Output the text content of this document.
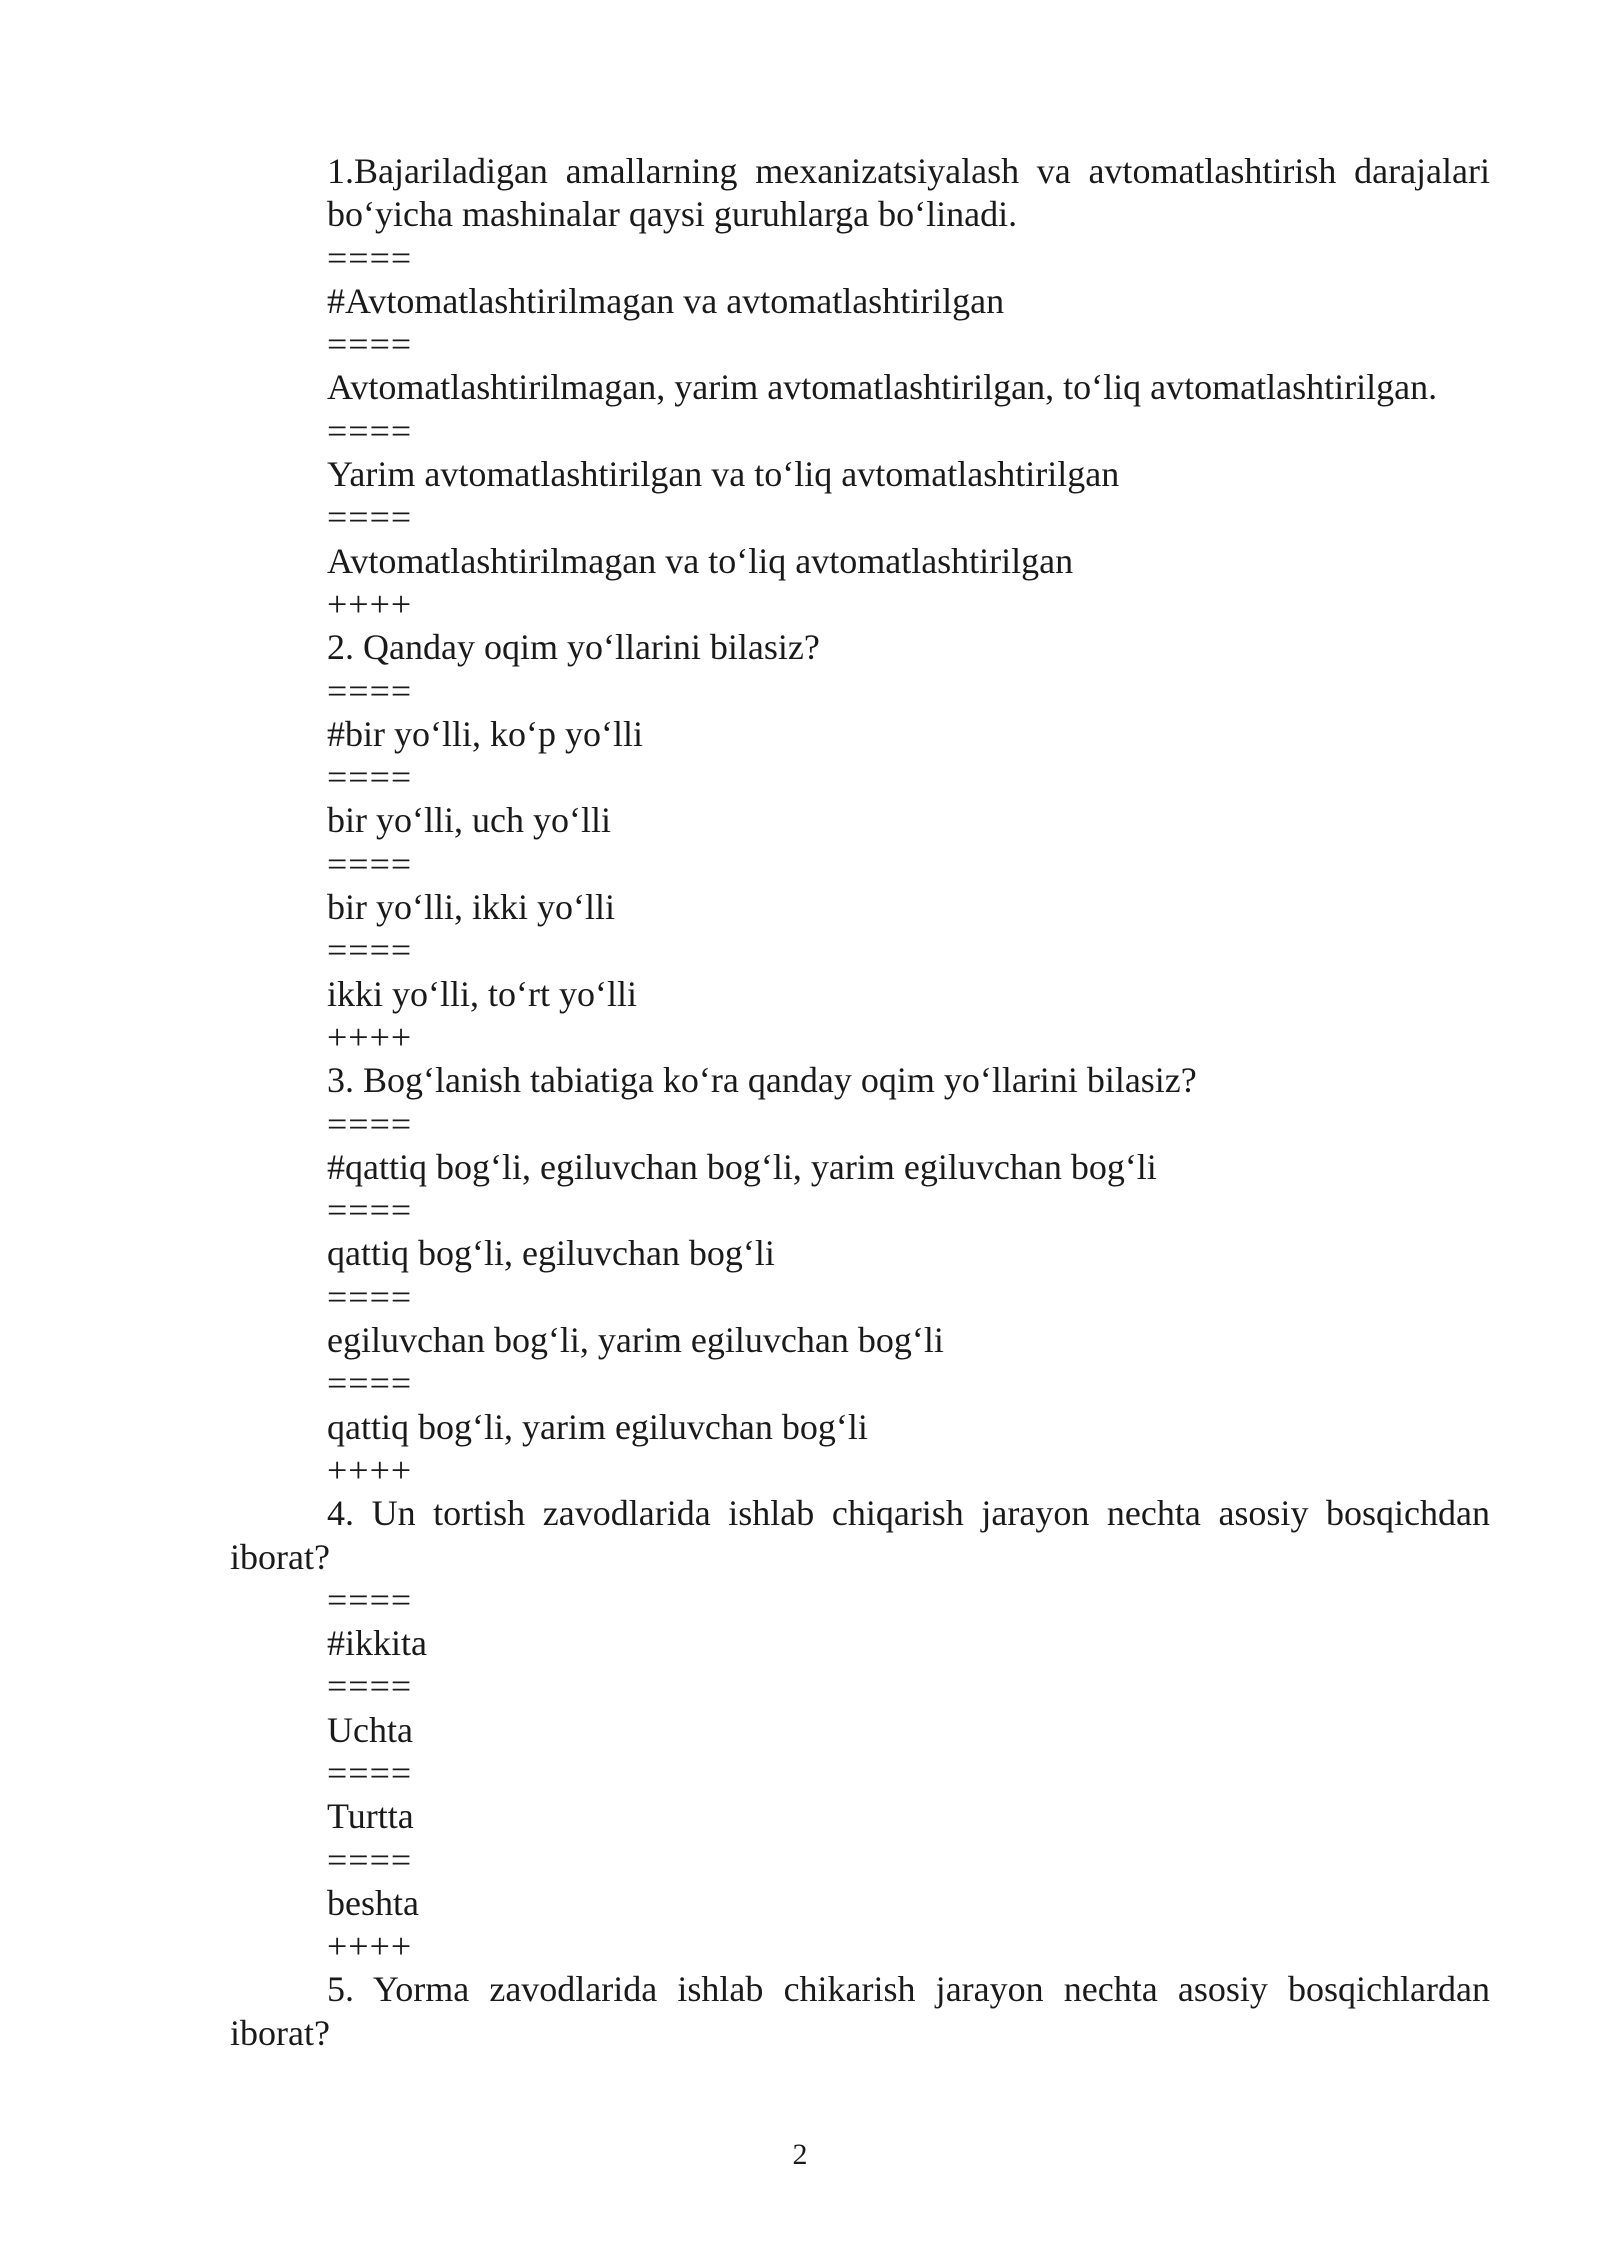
1.Bajariladigan amallarning mexanizatsiyalash va avtomatlashtirish darajalari bo‘yicha mashinalar qaysi guruhlarga bo‘linadi.
====
#Avtomatlashtirilmagan va avtomatlashtirilgan
====
Avtomatlashtirilmagan, yarim avtomatlashtirilgan, to‘liq avtomatlashtirilgan.
====
Yarim avtomatlashtirilgan va to‘liq avtomatlashtirilgan
====
Avtomatlashtirilmagan va to‘liq avtomatlashtirilgan
++++
2. Qanday oqim yo‘llarini bilasiz?
====
#bir yo‘lli, ko‘p yo‘lli
====
bir yo‘lli, uch yo‘lli
====
bir yo‘lli, ikki yo‘lli
====
ikki yo‘lli, to‘rt yo‘lli
++++
3. Bog‘lanish tabiatiga ko‘ra qanday oqim yo‘llarini bilasiz?
====
#qattiq bog‘li, egiluvchan bog‘li, yarim egiluvchan bog‘li
====
qattiq bog‘li, egiluvchan bog‘li
====
egiluvchan bog‘li, yarim egiluvchan bog‘li
====
qattiq bog‘li, yarim egiluvchan bog‘li
++++
4. Un tortish zavodlarida ishlab chiqarish jarayon nechta asosiy bosqichdan iborat?
====
#ikkita
====
Uchta
====
Turtta
====
beshta
++++
5. Yorma zavodlarida ishlab chikarish jarayon nechta asosiy bosqichlardan iborat?
2
